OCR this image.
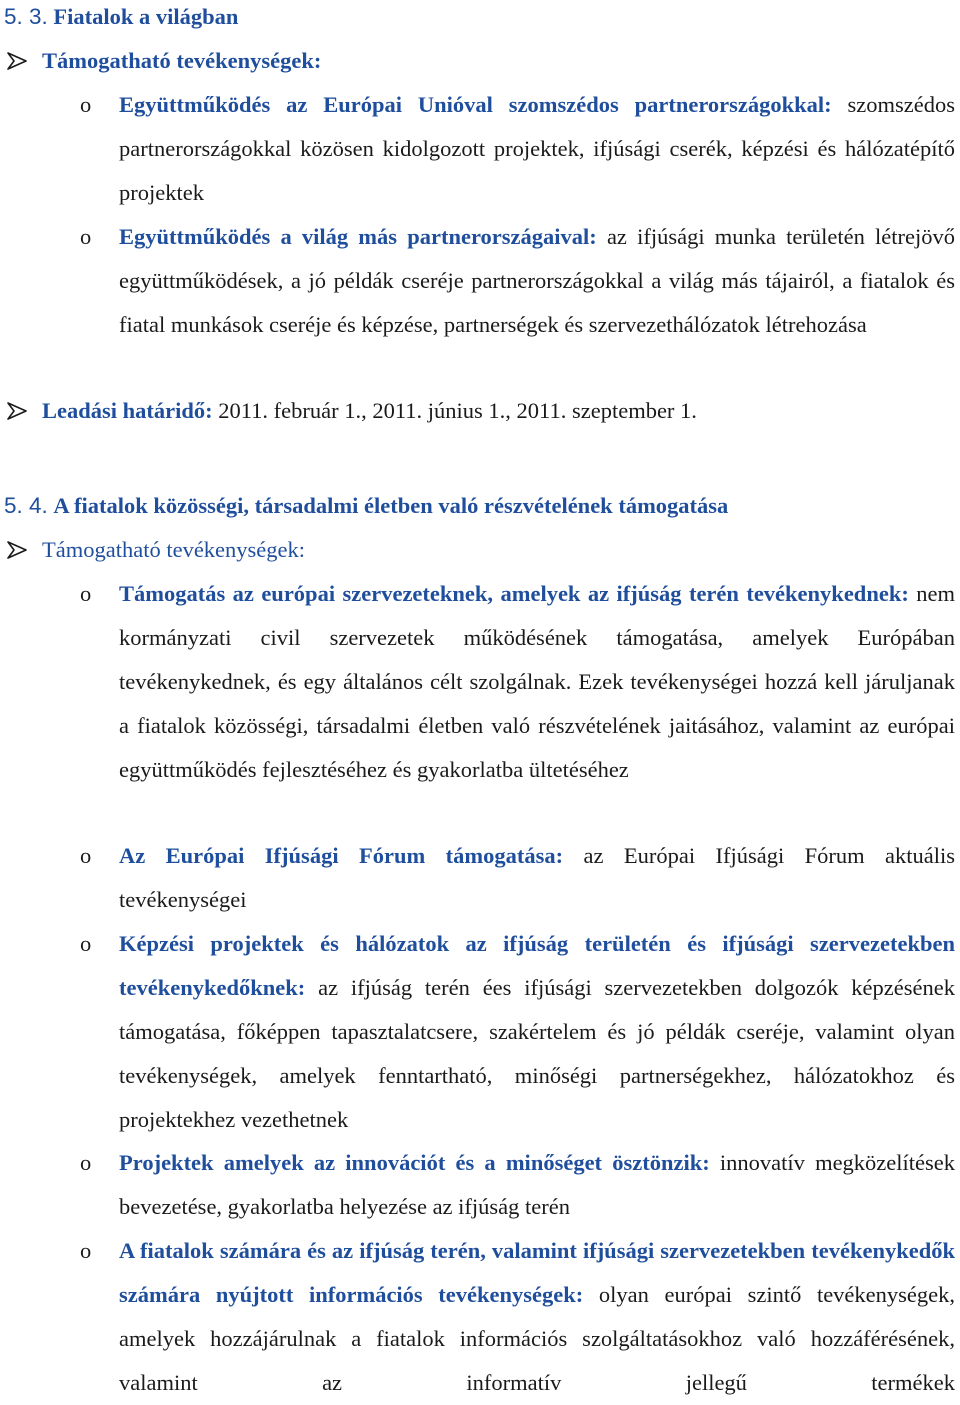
5. 3. Fiatalok a világban
Támogatható tevékenységek:
o Együttműködés az Európai Unióval szomszédos partnerországokkal: szomszédos partnerországokkal közösen kidolgozott projektek, ifjúsági cserék, képzési és hálózatépítő projektek
o Együttműködés a világ más partnerországaival: az ifjúsági munka területén létrejövő együttműködések, a jó példák cseréje partnerországokkal a világ más tájairól, a fiatalok és fiatal munkások cseréje és képzése, partnerségek és szervezethálózatok létrehozása
Leadási határidő: 2011. február 1., 2011. június 1., 2011. szeptember 1.
5. 4. A fiatalok közösségi, társadalmi életben való részvételének támogatása
Támogatható tevékenységek:
o Támogatás az európai szervezeteknek, amelyek az ifjúság terén tevékenykednek: nem kormányzati civil szervezetek működésének támogatása, amelyek Európában tevékenykednek, és egy általános célt szolgálnak. Ezek tevékenységei hozzá kell járuljanak a fiatalok közösségi, társadalmi életben való részvételének jaitásához, valamint az európai együttműködés fejlesztéséhez és gyakorlatba ültetéséhez
o Az Európai Ifjúsági Fórum támogatása: az Európai Ifjúsági Fórum aktuális tevékenységei
o Képzési projektek és hálózatok az ifjúság területén és ifjúsági szervezetekben tevékenykedőknek: az ifjúság terén ées ifjúsági szervezetekben dolgozók képzésének támogatása, főképpen tapasztalatcsere, szakértelem és jó példák cseréje, valamint olyan tevékenységek, amelyek fenntartható, minőségi partnerségekhez, hálózatokhoz és projektekhez vezethetnek
o Projektek amelyek az innovációt és a minőséget ösztönzik: innovatív megközelítések bevezetése, gyakorlatba helyezése az ifjúság terén
o A fiatalok számára és az ifjúság terén, valamint ifjúsági szervezetekben tevékenykedők számára nyújtott információs tevékenységek: olyan európai szintő tevékenységek, amelyek hozzájárulnak a fiatalok információs szolgáltatásokhoz való hozzáférésének, valamint az informatív jellegű termékek
